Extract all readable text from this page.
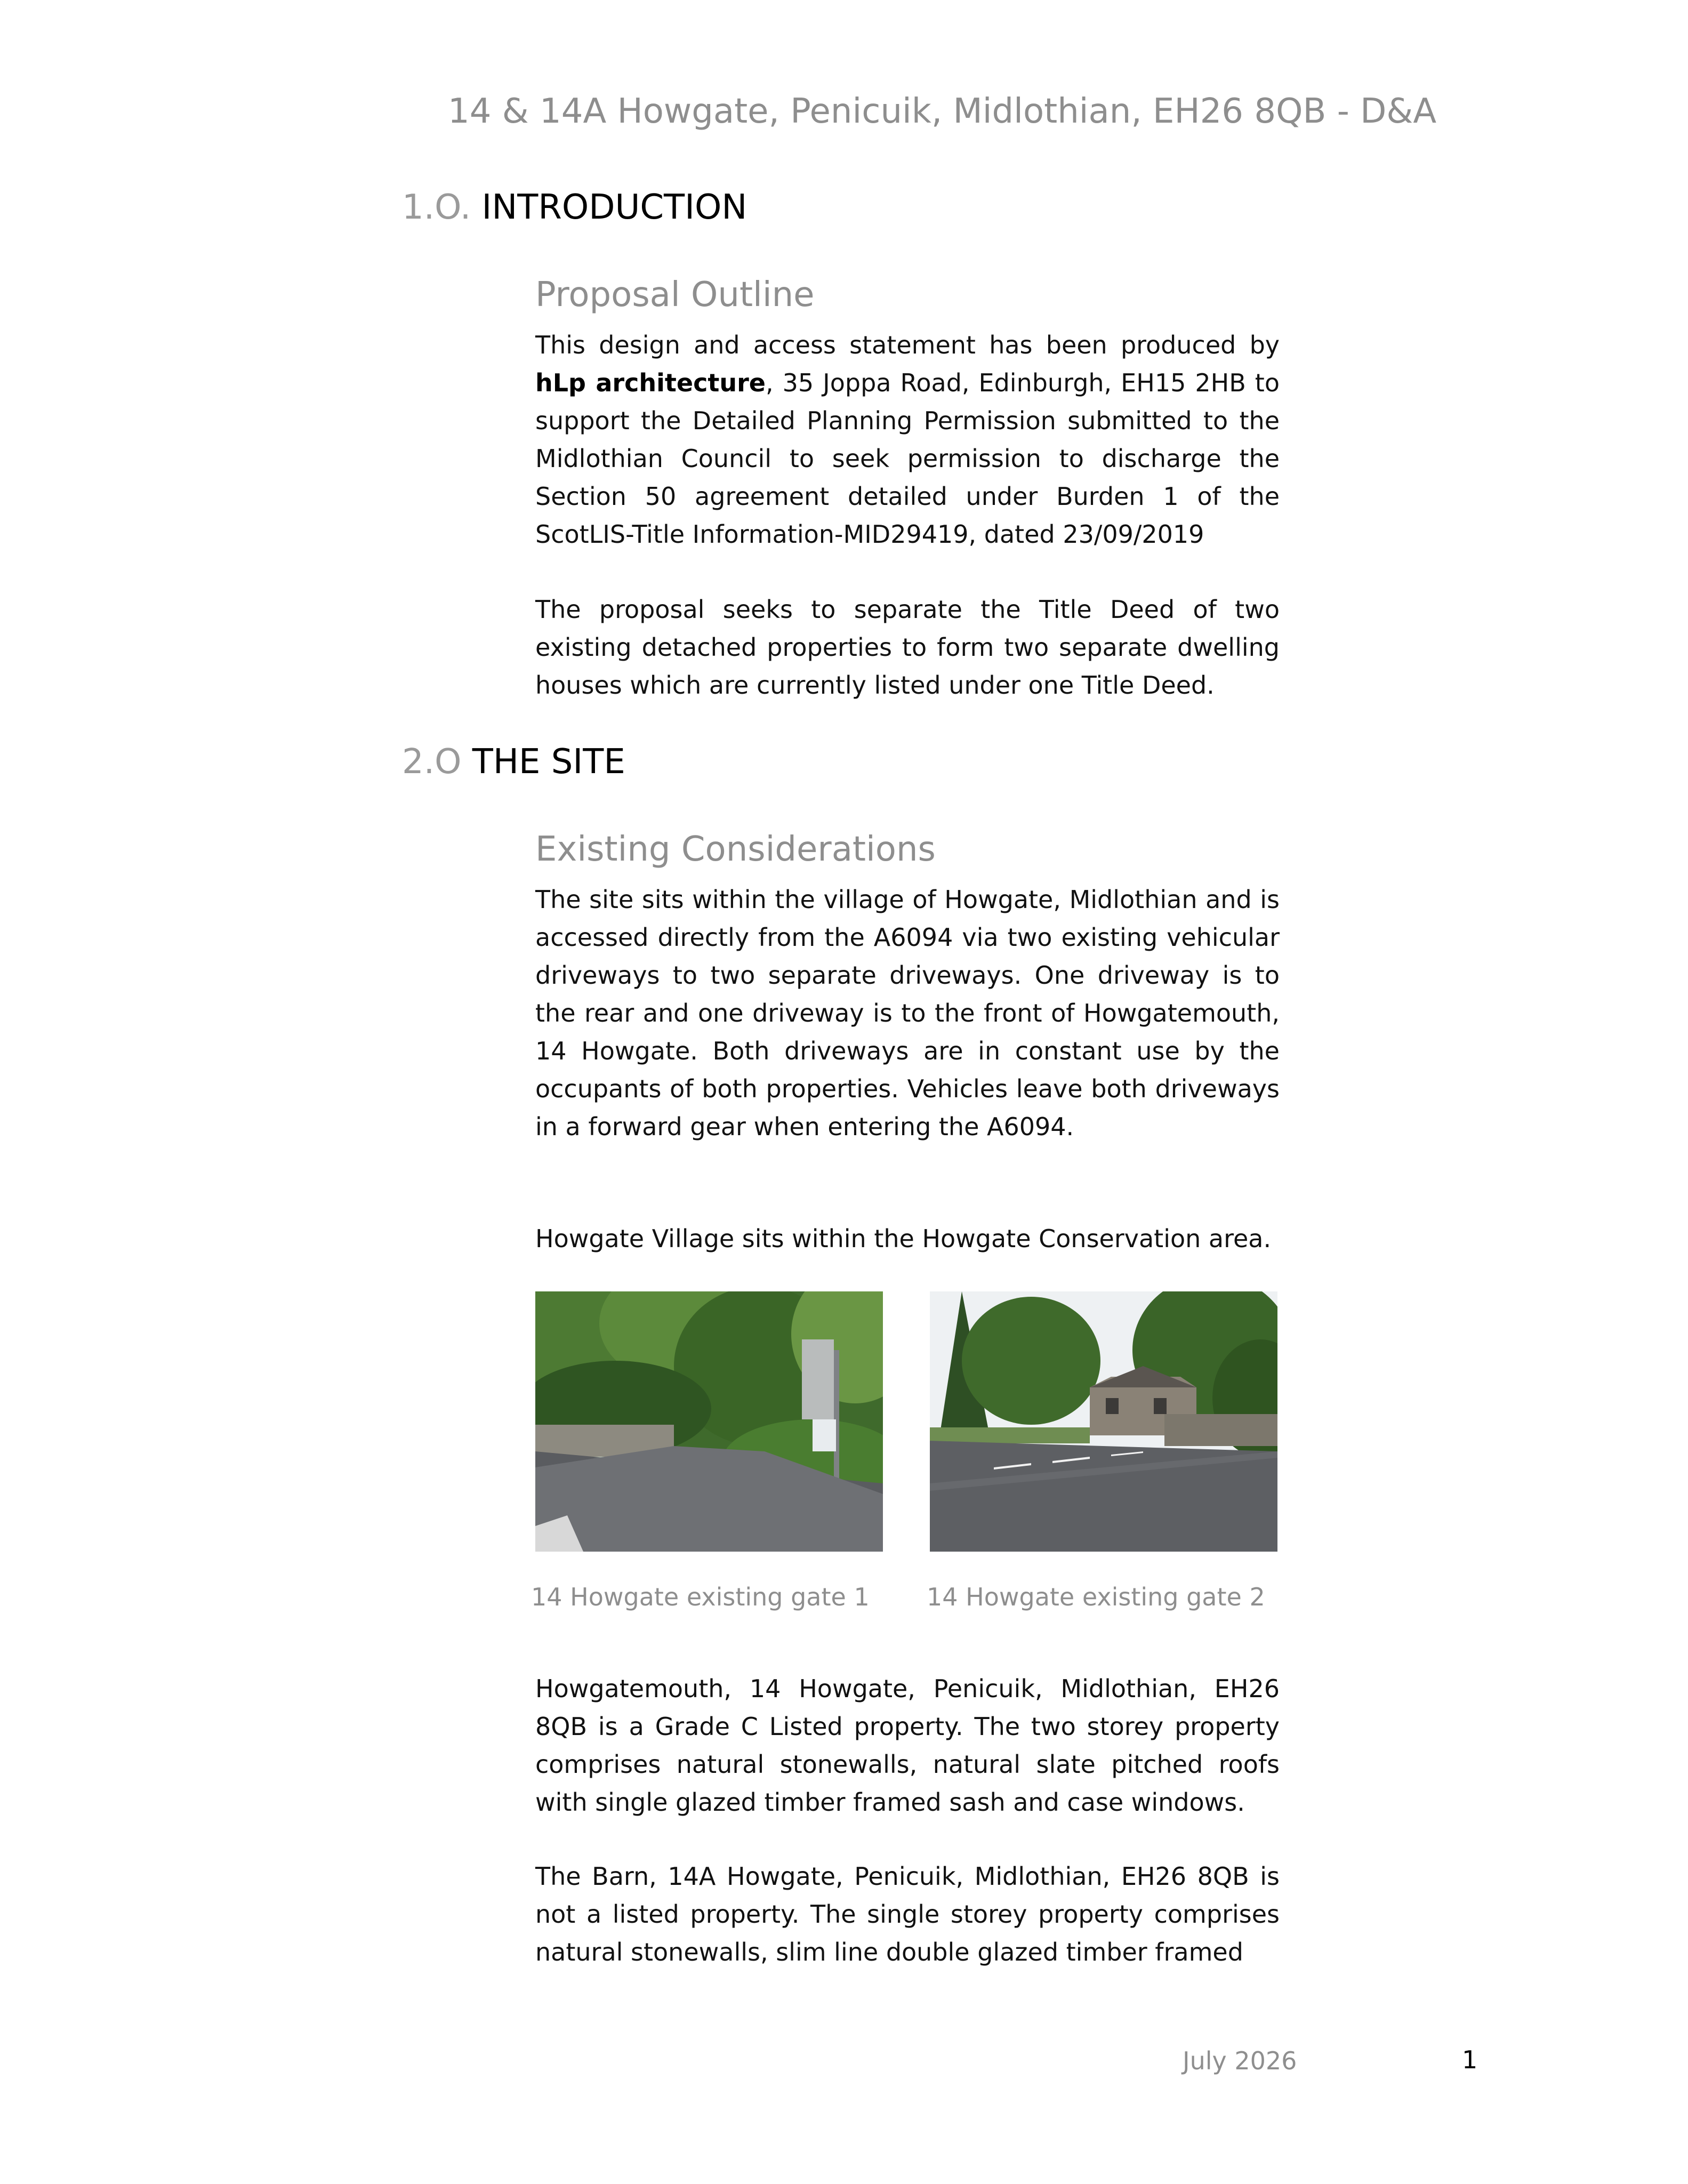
14 & 14A Howgate, Penicuik, Midlothian, EH26 8QB - D&A
1.O. INTRODUCTION
Proposal Outline

This design and access statement has been produced by hLp architecture, 35 Joppa Road, Edinburgh, EH15 2HB to support the Detailed Planning Permission submitted to the Midlothian Council to seek permission to discharge the Section 50 agreement detailed under Burden 1 of the ScotLIS-Title Information-MID29419, dated 23/09/2019

The proposal seeks to separate the Title Deed of two existing detached properties to form two separate dwelling houses which are currently listed under one Title Deed.

2.O THE SITE
Existing Considerations

The site sits within the village of Howgate, Midlothian and is accessed directly from the A6094 via two existing vehicular driveways to two separate driveways. One driveway is to the rear and one driveway is to the front of Howgatemouth, 14 Howgate. Both driveways are in constant use by the occupants of both properties. Vehicles leave both driveways in a forward gear when entering the A6094.

Howgate Village sits within the Howgate Conservation area.

14 Howgate existing gate 1 14 Howgate existing gate 2

Howgatemouth, 14 Howgate, Penicuik, Midlothian, EH26 8QB is a Grade C Listed property. The two storey property comprises natural stonewalls, natural slate pitched roofs with single glazed timber framed sash and case windows.

The Barn, 14A Howgate, Penicuik, Midlothian, EH26 8QB is not a listed property. The single storey property comprises natural stonewalls, slim line double glazed timber framed

July 2026	1
